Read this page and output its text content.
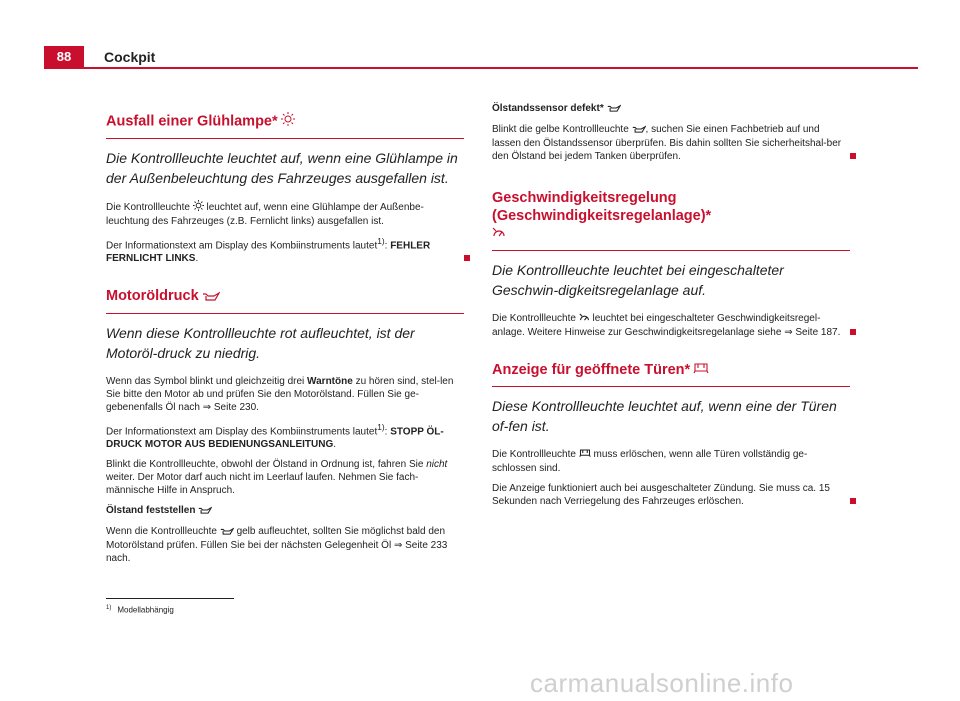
88	Cockpit
Ausfall einer Glühlampe*
Die Kontrollleuchte leuchtet auf, wenn eine Glühlampe in der Außenbeleuchtung des Fahrzeuges ausgefallen ist.

Die Kontrollleuchte leuchtet auf, wenn eine Glühlampe der Außenbe-leuchtung des Fahrzeuges (z.B. Fernlicht links) ausgefallen ist.

Der Informationstext am Display des Kombiinstruments lautet$^{1)}$: FEHLER FERNLICHT LINKS.

Motoröldruck
Wenn diese Kontrollleuchte rot aufleuchtet, ist der Motoröl-druck zu niedrig.

Wenn das Symbol blinkt und gleichzeitig drei Warntöne zu hören sind, stel-len Sie bitte den Motor ab und prüfen Sie den Motorölstand. Füllen Sie ge-gebenenfalls Öl nach ⇒ Seite 230.

Der Informationstext am Display des Kombiinstruments lautet$^{1)}$: STOPP ÖL-DRUCK MOTOR AUS BEDIENUNGSANLEITUNG.

Blinkt die Kontrollleuchte, obwohl der Ölstand in Ordnung ist, fahren Sie nicht weiter. Der Motor darf auch nicht im Leerlauf laufen. Nehmen Sie fach-männische Hilfe in Anspruch.

Ölstand feststellen

Wenn die Kontrollleuchte gelb aufleuchtet, sollten Sie möglichst bald den Motorölstand prüfen. Füllen Sie bei der nächsten Gelegenheit Öl ⇒ Seite 233 nach.

Ölstandssensor defekt*

Blinkt die gelbe Kontrollleuchte , suchen Sie einen Fachbetrieb auf und lassen den Ölstandssensor überprüfen. Bis dahin sollten Sie sicherheitshal-ber den Ölstand bei jedem Tanken überprüfen.

Geschwindigkeitsregelung (Geschwindigkeitsregelanlage)*

Die Kontrollleuchte leuchtet bei eingeschalteter Geschwin-digkeitsregelanlage auf.

Die Kontrollleuchte leuchtet bei eingeschalteter Geschwindigkeitsregel-anlage. Weitere Hinweise zur Geschwindigkeitsregelanlage siehe ⇒ Seite 187.

Anzeige für geöffnete Türen*
Diese Kontrollleuchte leuchtet auf, wenn eine der Türen of-fen ist.

Die Kontrollleuchte muss erlöschen, wenn alle Türen vollständig ge-schlossen sind.

Die Anzeige funktioniert auch bei ausgeschalteter Zündung. Sie muss ca. 15 Sekunden nach Verriegelung des Fahrzeuges erlöschen.

$^{1)}$ Modellabhängig
carmanualsonline.info
